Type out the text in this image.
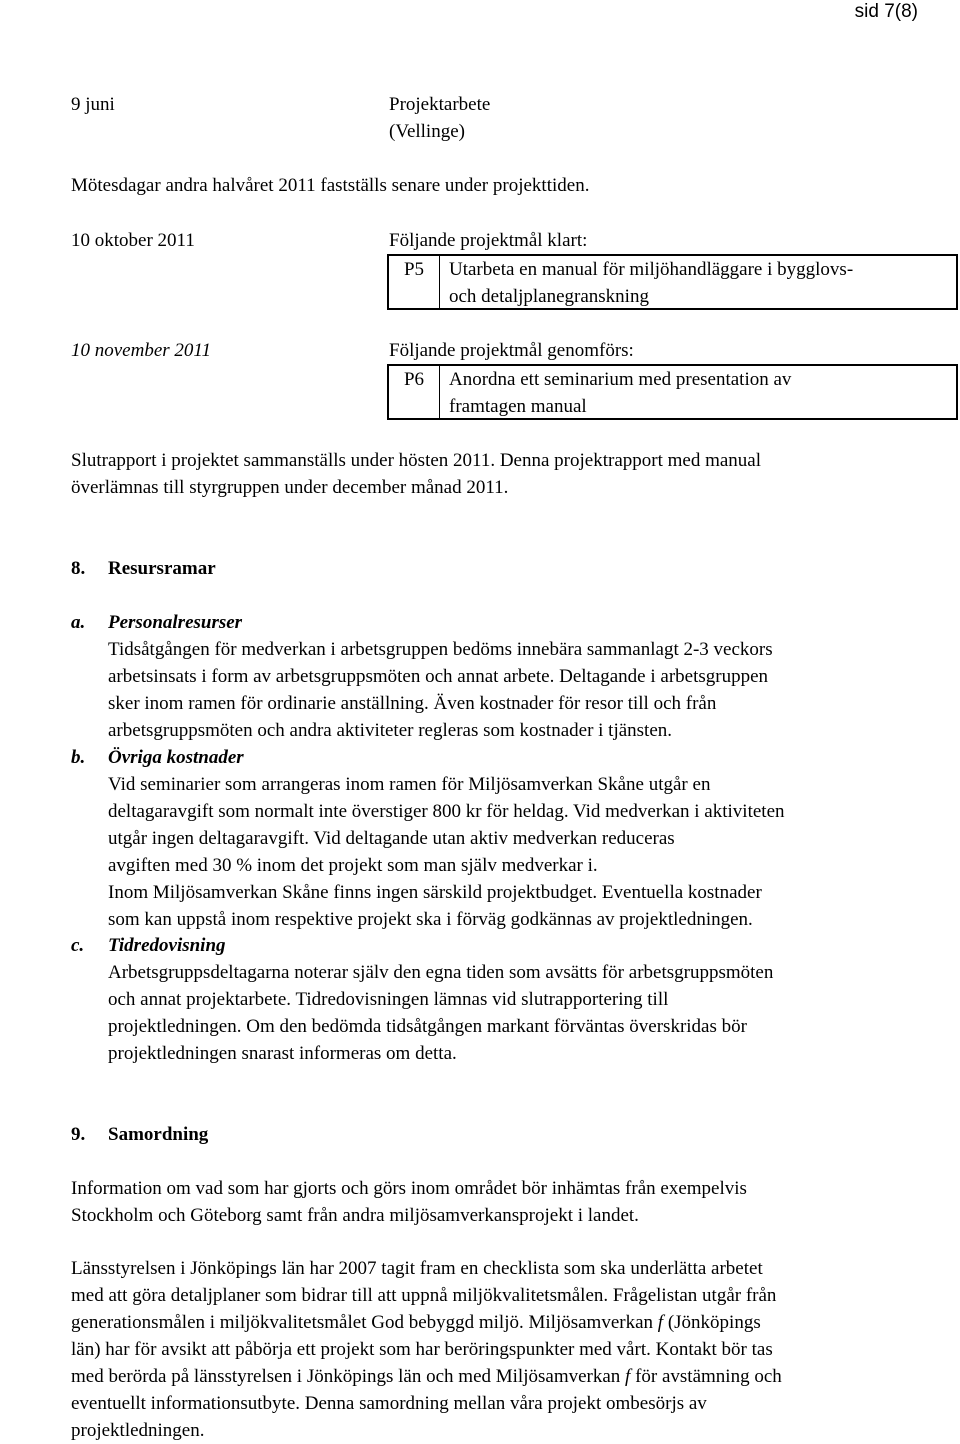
sid 7(8)
9 juni	Projektarbete
(Vellinge)
Mötesdagar andra halvåret 2011 fastställs senare under projekttiden.
10 oktober 2011	Följande projektmål klart:
P5	Utarbeta en manual för miljöhandläggare i bygglovs-
och detaljplanegranskning
10 november 2011	Följande projektmål genomförs:
P6	Anordna ett seminarium med presentation av
framtagen manual
Slutrapport i projektet sammanställs under hösten 2011. Denna projektrapport med manual
överlämnas till styrgruppen under december månad 2011.
8. Resursramar
a. Personalresurser
Tidsåtgången för medverkan i arbetsgruppen bedöms innebära sammanlagt 2-3 veckors
arbetsinsats i form av arbetsgruppsmöten och annat arbete. Deltagande i arbetsgruppen
sker inom ramen för ordinarie anställning. Även kostnader för resor till och från
arbetsgruppsmöten och andra aktiviteter regleras som kostnader i tjänsten.
b. Övriga kostnader
Vid seminarier som arrangeras inom ramen för Miljösamverkan Skåne utgår en
deltagaravgift som normalt inte överstiger 800 kr för heldag. Vid medverkan i aktiviteten
utgår ingen deltagaravgift. Vid deltagande utan aktiv medverkan reduceras
avgiften med 30 % inom det projekt som man själv medverkar i.
Inom Miljösamverkan Skåne finns ingen särskild projektbudget. Eventuella kostnader
som kan uppstå inom respektive projekt ska i förväg godkännas av projektledningen.
c. Tidredovisning
Arbetsgruppsdeltagarna noterar själv den egna tiden som avsätts för arbetsgruppsmöten
och annat projektarbete. Tidredovisningen lämnas vid slutrapportering till
projektledningen. Om den bedömda tidsåtgången markant förväntas överskridas bör
projektledningen snarast informeras om detta.
9. Samordning
Information om vad som har gjorts och görs inom området bör inhämtas från exempelvis
Stockholm och Göteborg samt från andra miljösamverkansprojekt i landet.
Länsstyrelsen i Jönköpings län har 2007 tagit fram en checklista som ska underlätta arbetet
med att göra detaljplaner som bidrar till att uppnå miljökvalitetsmålen. Frågelistan utgår från
generationsmålen i miljökvalitetsmålet God bebyggd miljö. Miljösamverkan f (Jönköpings
län) har för avsikt att påbörja ett projekt som har beröringspunkter med vårt. Kontakt bör tas
med berörda på länsstyrelsen i Jönköpings län och med Miljösamverkan f för avstämning och
eventuellt informationsutbyte. Denna samordning mellan våra projekt ombesörjs av
projektledningen.
